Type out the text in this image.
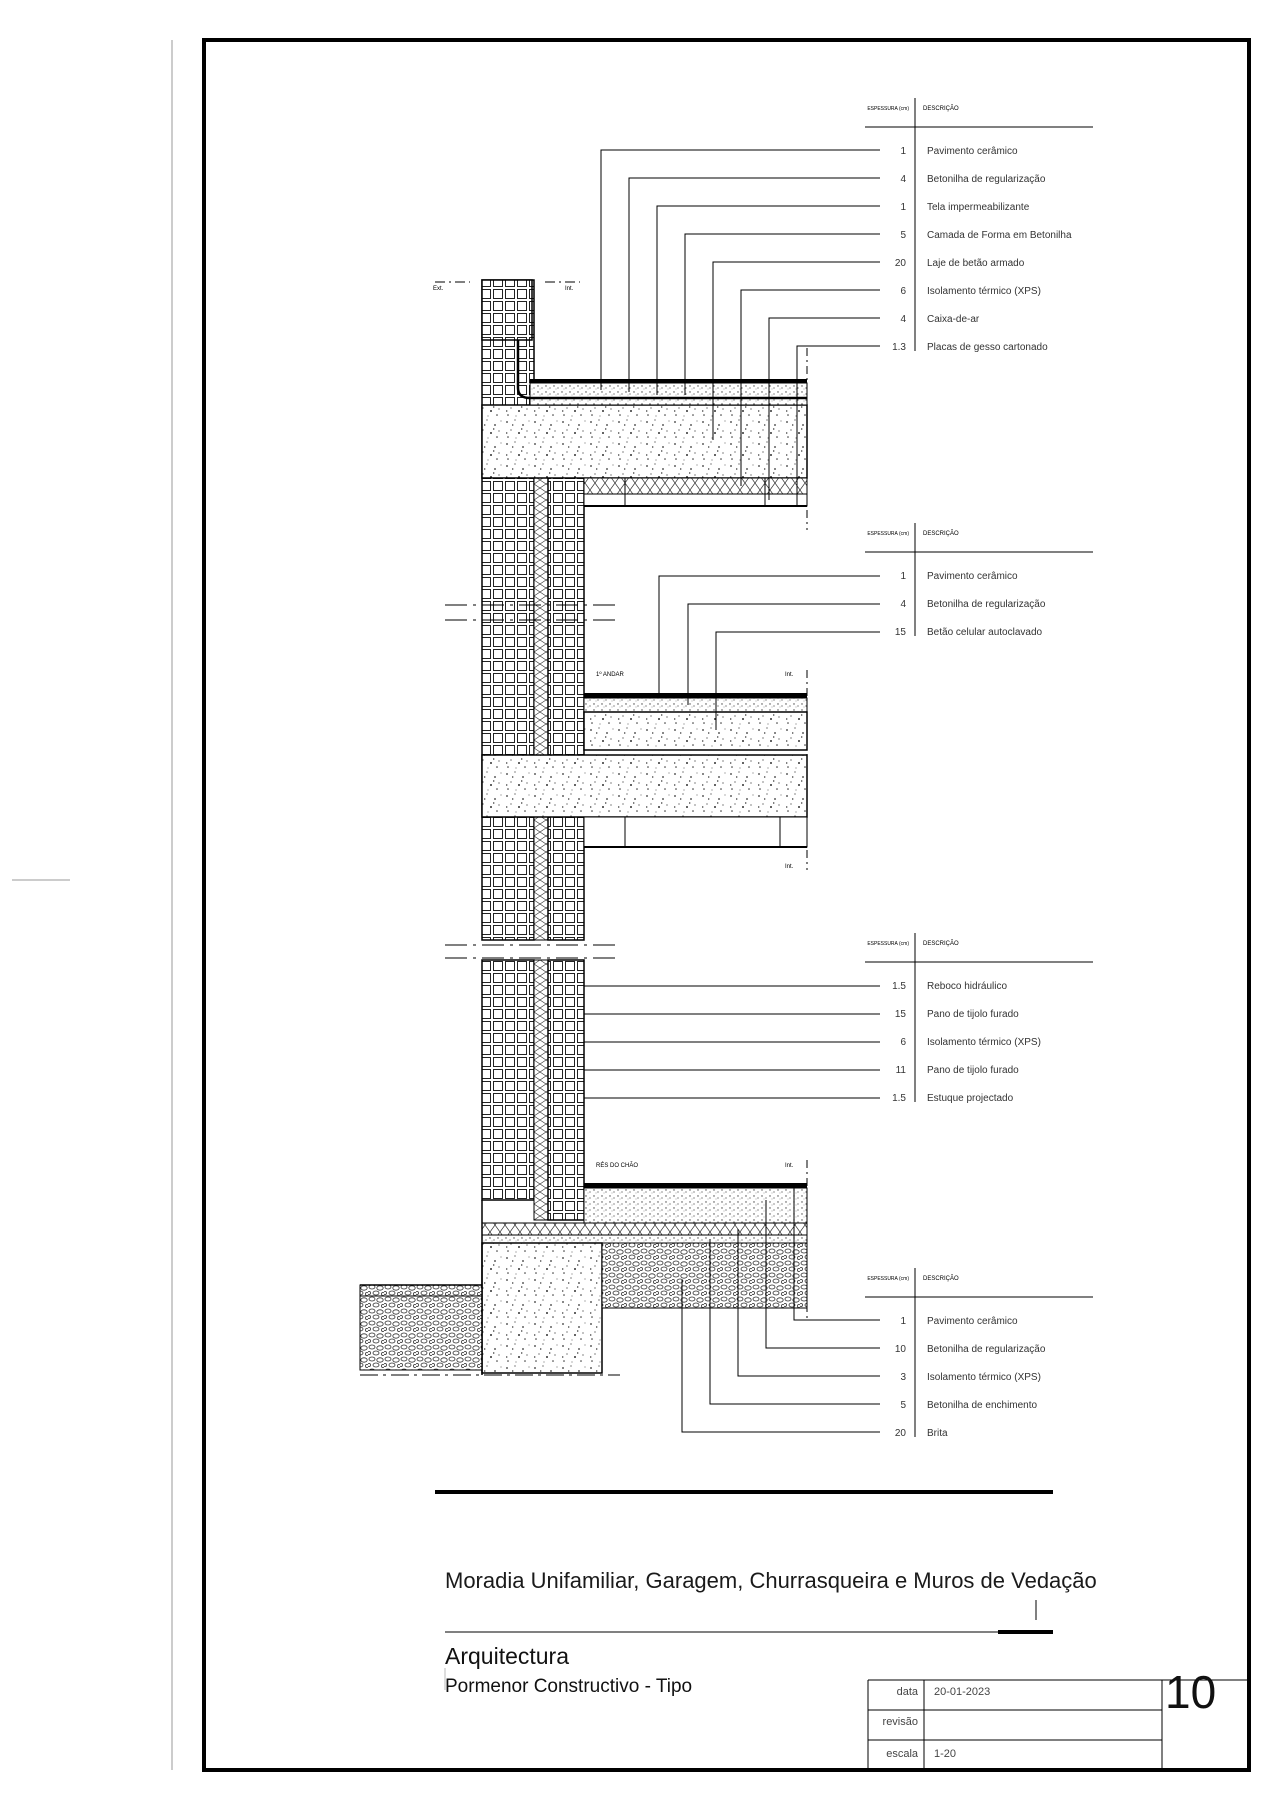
ESPESSURA (cm) DESCRIÇÃO
1 Pavimento cerâmico
4 Betonilha de regularização
1 Tela impermeabilizante
5 Camada de Forma em Betonilha
20 Laje de betão armado
6 Isolamento térmico (XPS)
4 Caixa-de-ar
1.3 Placas de gesso cartonado
ESPESSURA (cm) DESCRIÇÃO
1 Pavimento cerâmico
4 Betonilha de regularização
15 Betão celular autoclavado
ESPESSURA (cm) DESCRIÇÃO
1.5 Reboco hidráulico
15 Pano de tijolo furado
6 Isolamento térmico (XPS)
11 Pano de tijolo furado
1.5 Estuque projectado
ESPESSURA (cm) DESCRIÇÃO
1 Pavimento cerâmico
10 Betonilha de regularização
3 Isolamento térmico (XPS)
5 Betonilha de enchimento
20 Brita
Ext.	Int.
1º ANDAR	Int.
Int.
RÉS DO CHÃO	Int.
Moradia Unifamiliar, Garagem, Churrasqueira e Muros de Vedação
Arquitectura
Pormenor Constructivo - Tipo	data 20-01-2023
revisão
escala 1-20
10
